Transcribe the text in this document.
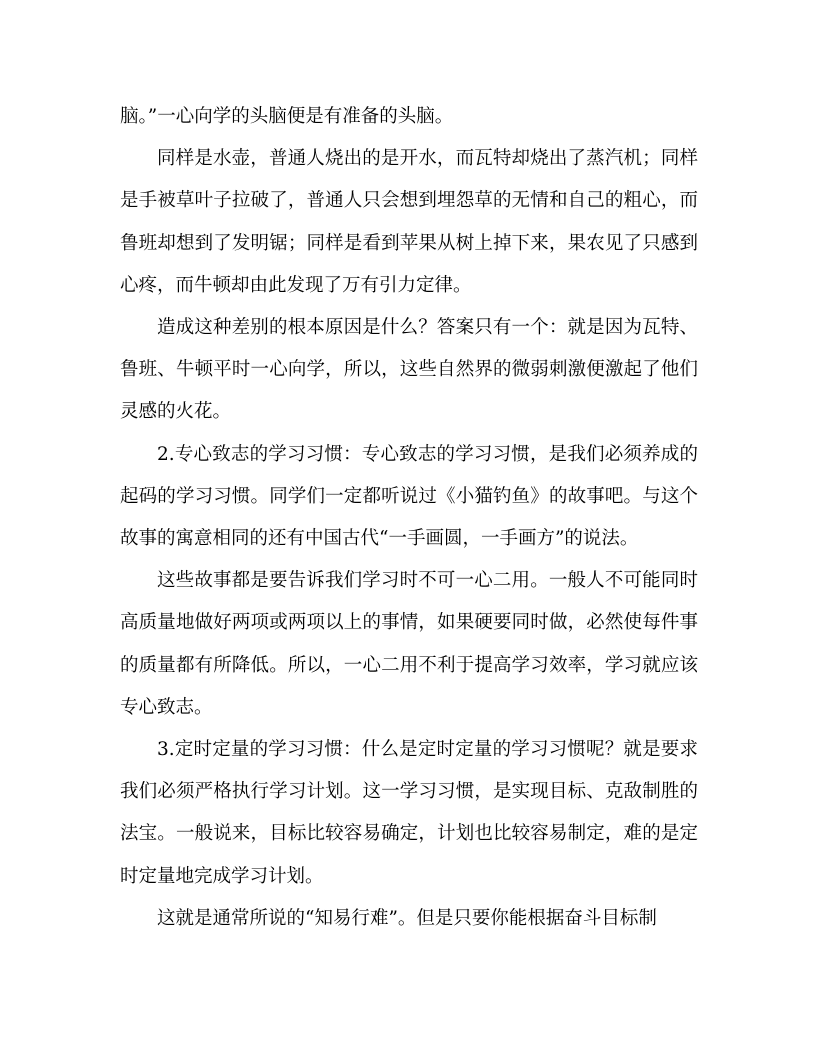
脑。”一心向学的头脑便是有准备的头脑。

同样是水壶，普通人烧出的是开水，而瓦特却烧出了蒸汽机；同样是手被草叶子拉破了，普通人只会想到埋怨草的无情和自己的粗心，而鲁班却想到了发明锯；同样是看到苹果从树上掉下来，果农见了只感到心疼，而牛顿却由此发现了万有引力定律。

造成这种差别的根本原因是什么？答案只有一个：就是因为瓦特、鲁班、牛顿平时一心向学，所以，这些自然界的微弱刺激便激起了他们灵感的火花。

2.专心致志的学习习惯：专心致志的学习习惯，是我们必须养成的起码的学习习惯。同学们一定都听说过《小猫钓鱼》的故事吧。与这个故事的寓意相同的还有中国古代“一手画圆，一手画方”的说法。

这些故事都是要告诉我们学习时不可一心二用。一般人不可能同时高质量地做好两项或两项以上的事情，如果硬要同时做，必然使每件事的质量都有所降低。所以，一心二用不利于提高学习效率，学习就应该专心致志。

3.定时定量的学习习惯：什么是定时定量的学习习惯呢？就是要求我们必须严格执行学习计划。这一学习习惯，是实现目标、克敌制胜的法宝。一般说来，目标比较容易确定，计划也比较容易制定，难的是定时定量地完成学习计划。

这就是通常所说的“知易行难”。但是只要你能根据奋斗目标制
